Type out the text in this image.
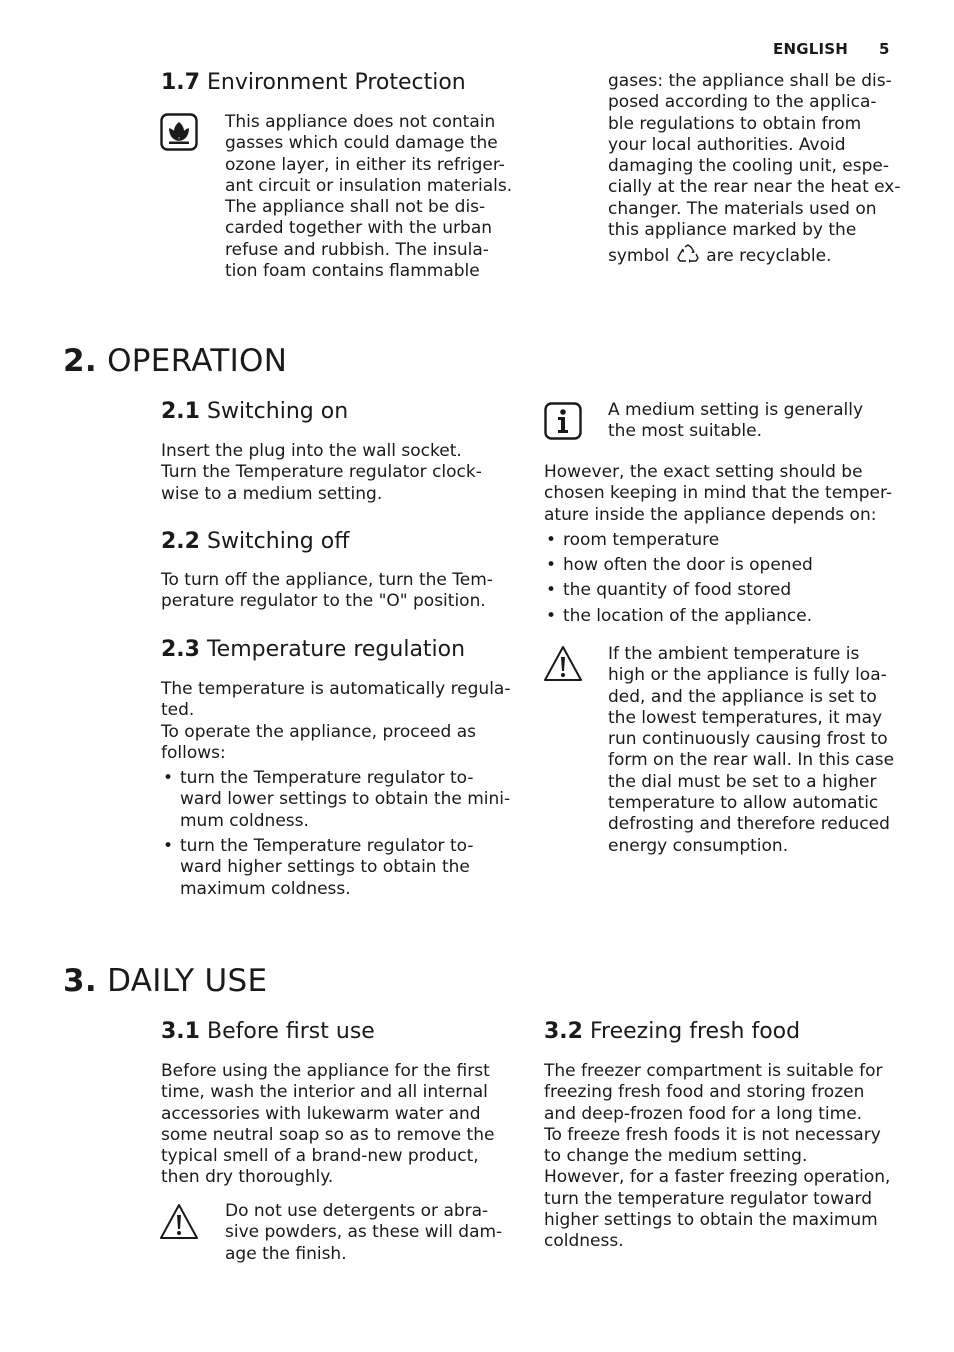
ENGLISH 5
1.7 Environment Protection
This appliance does not contain
gasses which could damage the
ozone layer, in either its refriger-
ant circuit or insulation materials.
The appliance shall not be dis-
carded together with the urban
refuse and rubbish. The insula-
tion foam contains flammable
gases: the appliance shall be dis-
posed according to the applica-
ble regulations to obtain from
your local authorities. Avoid
damaging the cooling unit, espe-
cially at the rear near the heat ex-
changer. The materials used on
this appliance marked by the
symbol are recyclable.
2. OPERATION
2.1 Switching on
Insert the plug into the wall socket.
Turn the Temperature regulator clock-
wise to a medium setting.
2.2 Switching off
To turn off the appliance, turn the Tem-
perature regulator to the "O" position.
2.3 Temperature regulation
The temperature is automatically regula-
ted.
To operate the appliance, proceed as
follows:
• turn the Temperature regulator to-
ward lower settings to obtain the mini-
mum coldness.
• turn the Temperature regulator to-
ward higher settings to obtain the
maximum coldness.
A medium setting is generally
the most suitable.
However, the exact setting should be
chosen keeping in mind that the temper-
ature inside the appliance depends on:
• room temperature
• how often the door is opened
• the quantity of food stored
• the location of the appliance.
If the ambient temperature is
high or the appliance is fully loa-
ded, and the appliance is set to
the lowest temperatures, it may
run continuously causing frost to
form on the rear wall. In this case
the dial must be set to a higher
temperature to allow automatic
defrosting and therefore reduced
energy consumption.
3. DAILY USE
3.1 Before first use
Before using the appliance for the first
time, wash the interior and all internal
accessories with lukewarm water and
some neutral soap so as to remove the
typical smell of a brand-new product,
then dry thoroughly.
Do not use detergents or abra-
sive powders, as these will dam-
age the finish.
3.2 Freezing fresh food
The freezer compartment is suitable for
freezing fresh food and storing frozen
and deep-frozen food for a long time.
To freeze fresh foods it is not necessary
to change the medium setting.
However, for a faster freezing operation,
turn the temperature regulator toward
higher settings to obtain the maximum
coldness.
